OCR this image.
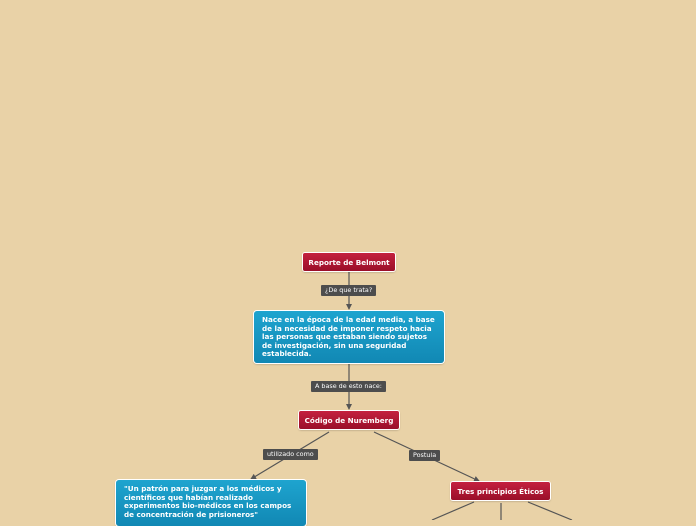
Reporte de Belmont
¿De que trata?
Nace en la época de la edad media, a base de la necesidad de imponer respeto hacia las personas que estaban siendo sujetos de investigación, sin una seguridad establecida.
A base de esto nace:
Código de Nuremberg
utilizado como	Postula
"Un patrón para juzgar a los médicos y científicos que habían realizado experimentos bio-médicos en los campos de concentración de prisioneros"
Tres principios Éticos
